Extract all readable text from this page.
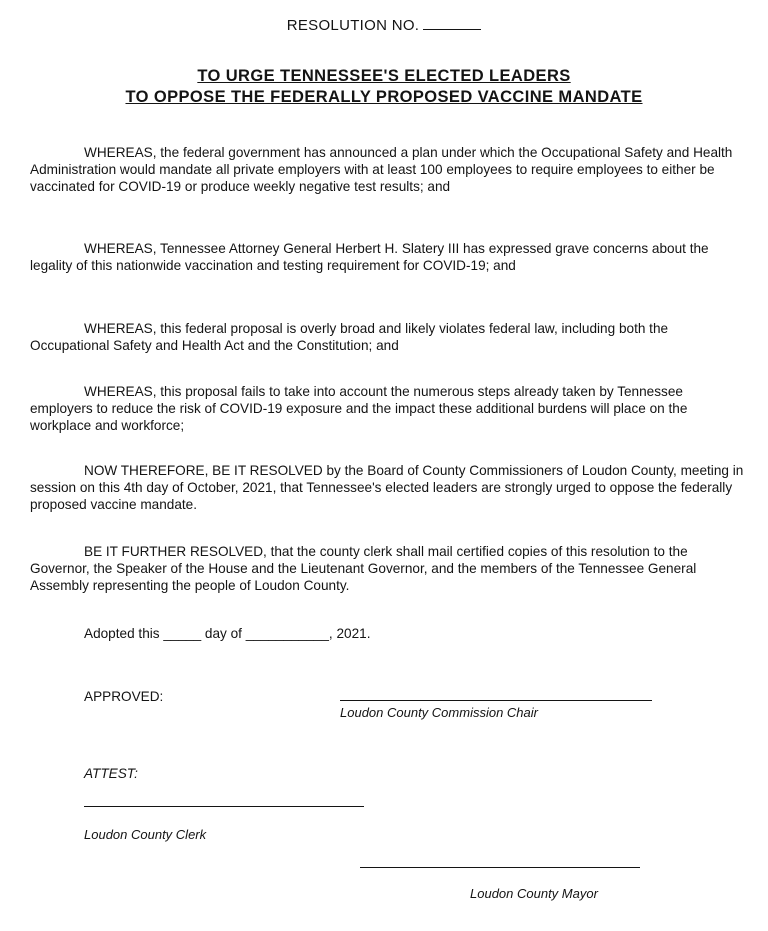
RESOLUTION NO.
TO URGE TENNESSEE'S ELECTED LEADERS
TO OPPOSE THE FEDERALLY PROPOSED VACCINE MANDATE

WHEREAS, the federal government has announced a plan under which the Occupational Safety and Health Administration would mandate all private employers with at least 100 employees to require employees to either be vaccinated for COVID-19 or produce weekly negative test results; and

WHEREAS, Tennessee Attorney General Herbert H. Slatery III has expressed grave concerns about the legality of this nationwide vaccination and testing requirement for COVID-19; and

WHEREAS, this federal proposal is overly broad and likely violates federal law, including both the Occupational Safety and Health Act and the Constitution; and

WHEREAS, this proposal fails to take into account the numerous steps already taken by Tennessee employers to reduce the risk of COVID-19 exposure and the impact these additional burdens will place on the workplace and workforce;

NOW THEREFORE, BE IT RESOLVED by the Board of County Commissioners of Loudon County, meeting in session on this 4th day of October, 2021, that Tennessee's elected leaders are strongly urged to oppose the federally proposed vaccine mandate.

BE IT FURTHER RESOLVED, that the county clerk shall mail certified copies of this resolution to the Governor, the Speaker of the House and the Lieutenant Governor, and the members of the Tennessee General Assembly representing the people of Loudon County.

Adopted this _____ day of ___________, 2021.
APPROVED:
Loudon County Commission Chair
ATTEST:
Loudon County Clerk
Loudon County Mayor
